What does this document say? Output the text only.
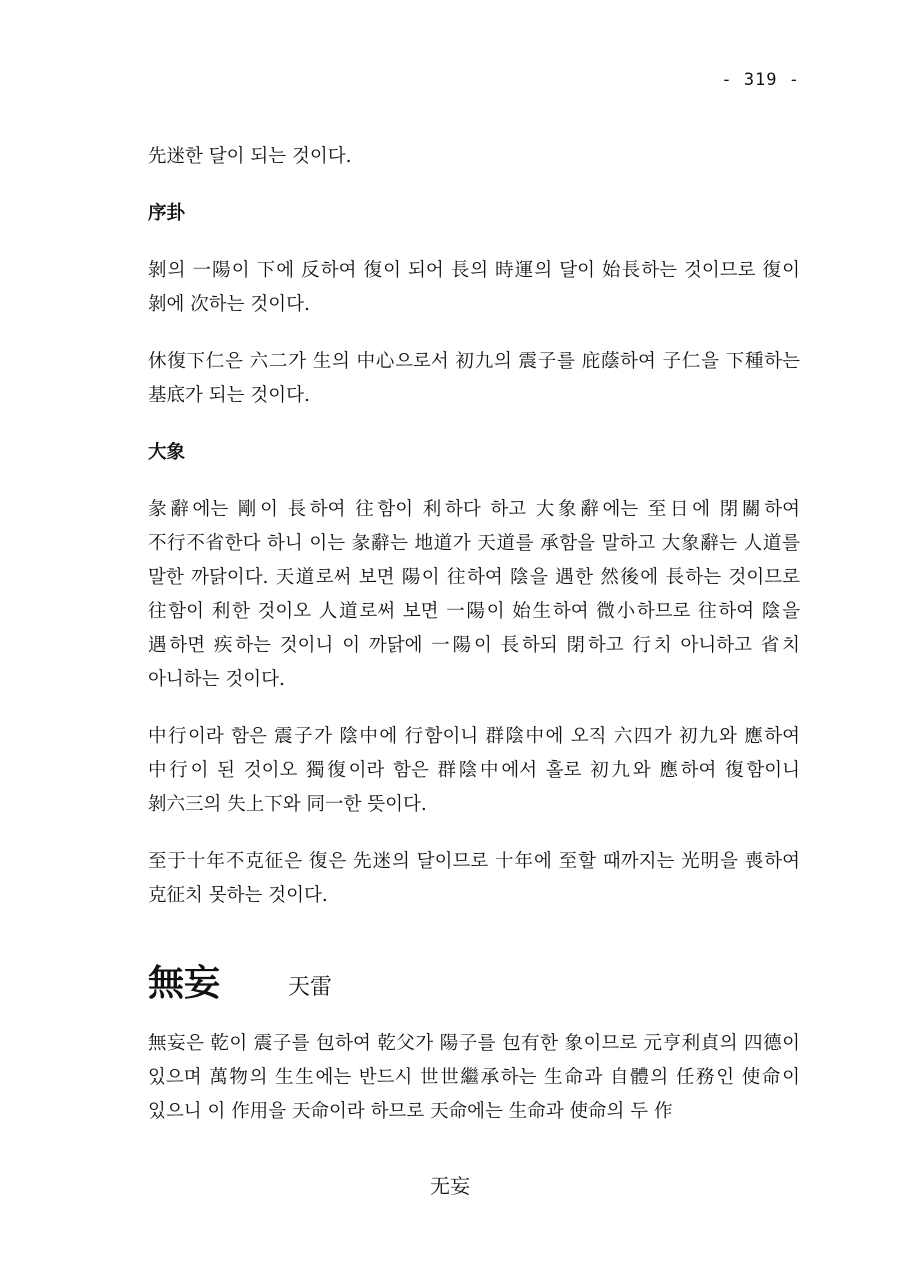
- 319 -

先迷한 달이 되는 것이다.

序卦

剝의 一陽이 下에 反하여 復이 되어 長의 時運의 달이 始長하는 것이므로 復이 剝에 次하는 것이다.

休復下仁은 六二가 生의 中心으로서 初九의 震子를 庇蔭하여 子仁을 下種하는 基底가 되는 것이다.

大象

彖辭에는 剛이 長하여 往함이 利하다 하고 大象辭에는 至日에 閉關하여 不行不省한다 하니 이는 彖辭는 地道가 天道를 承함을 말하고 大象辭는 人道를 말한 까닭이다. 天道로써 보면 陽이 往하여 陰을 遇한 然後에 長하는 것이므로 往함이 利한 것이오 人道로써 보면 一陽이 始生하여 微小하므로 往하여 陰을 遇하면 疾하는 것이니 이 까닭에 一陽이 長하되 閉하고 行치 아니하고 省치 아니하는 것이다.

中行이라 함은 震子가 陰中에 行함이니 群陰中에 오직 六四가 初九와 應하여 中行이 된 것이오 獨復이라 함은 群陰中에서 홀로 初九와 應하여 復함이니 剝六三의 失上下와 同一한 뜻이다.

至于十年不克征은 復은 先迷의 달이므로 十年에 至할 때까지는 光明을 喪하여 克征치 못하는 것이다.

無妄	天雷

無妄은 乾이 震子를 包하여 乾父가 陽子를 包有한 象이므로 元亨利貞의 四德이 있으며 萬物의 生生에는 반드시 世世繼承하는 生命과 自體의 任務인 使命이 있으니 이 作用을 天命이라 하므로 天命에는 生命과 使命의 두 作

无妄
